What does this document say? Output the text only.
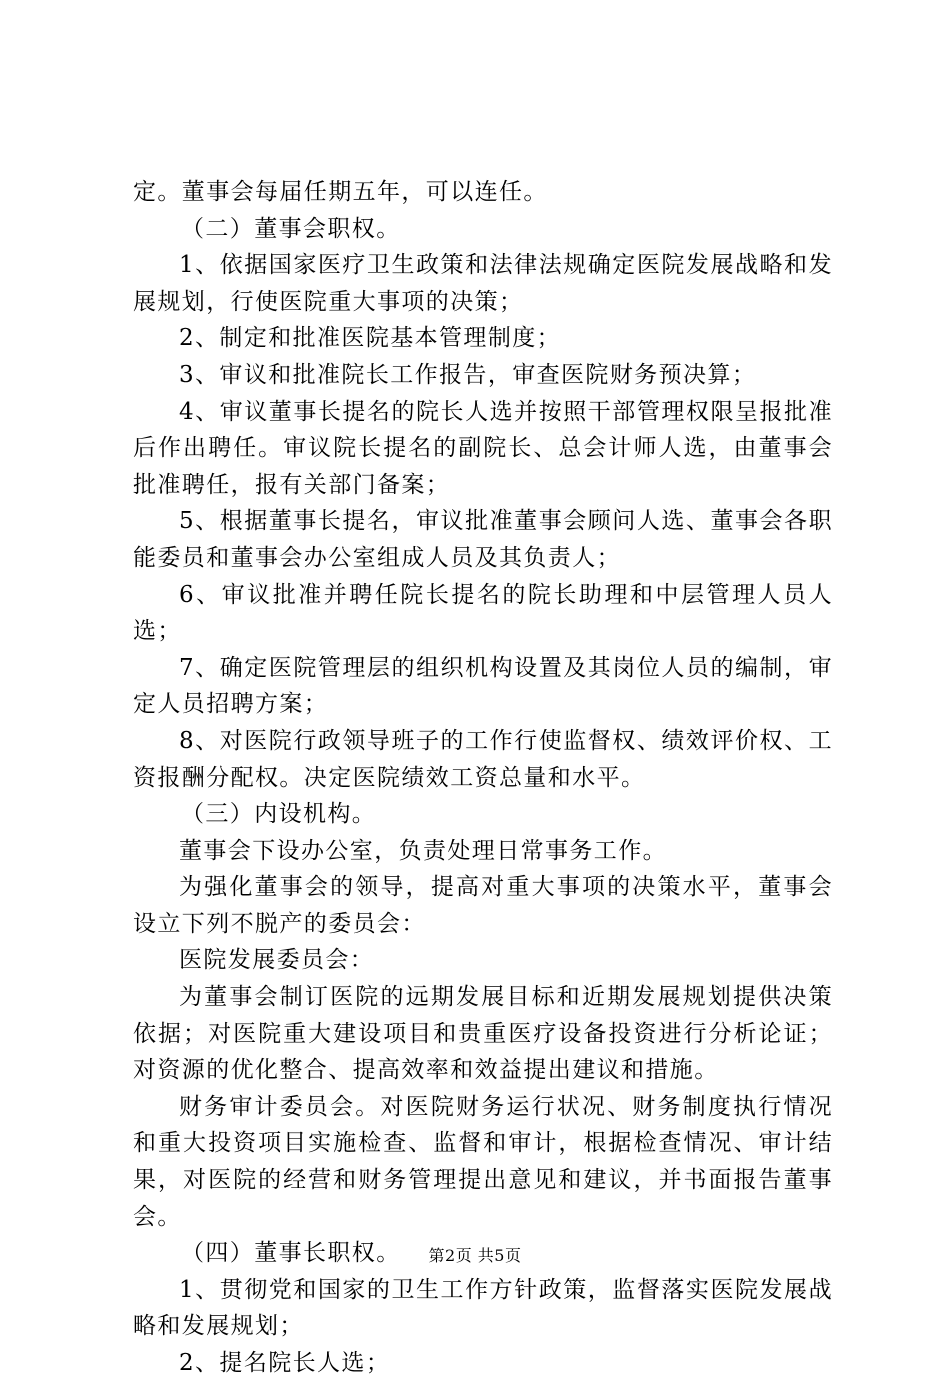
定。董事会每届任期五年，可以连任。

（二）董事会职权。

1、依据国家医疗卫生政策和法律法规确定医院发展战略和发展规划，行使医院重大事项的决策；

2、制定和批准医院基本管理制度；

3、审议和批准院长工作报告，审查医院财务预决算；

4、审议董事长提名的院长人选并按照干部管理权限呈报批准后作出聘任。审议院长提名的副院长、总会计师人选，由董事会批准聘任，报有关部门备案；

5、根据董事长提名，审议批准董事会顾问人选、董事会各职能委员和董事会办公室组成人员及其负责人；

6、审议批准并聘任院长提名的院长助理和中层管理人员人选；

7、确定医院管理层的组织机构设置及其岗位人员的编制，审定人员招聘方案；

8、对医院行政领导班子的工作行使监督权、绩效评价权、工资报酬分配权。决定医院绩效工资总量和水平。

（三）内设机构。

董事会下设办公室，负责处理日常事务工作。

为强化董事会的领导，提高对重大事项的决策水平，董事会设立下列不脱产的委员会：

医院发展委员会：

为董事会制订医院的远期发展目标和近期发展规划提供决策依据；对医院重大建设项目和贵重医疗设备投资进行分析论证；对资源的优化整合、提高效率和效益提出建议和措施。

财务审计委员会。对医院财务运行状况、财务制度执行情况和重大投资项目实施检查、监督和审计，根据检查情况、审计结果，对医院的经营和财务管理提出意见和建议，并书面报告董事会。

（四）董事长职权。

1、贯彻党和国家的卫生工作方针政策，监督落实医院发展战略和发展规划；

2、提名院长人选；

第2页 共5页
